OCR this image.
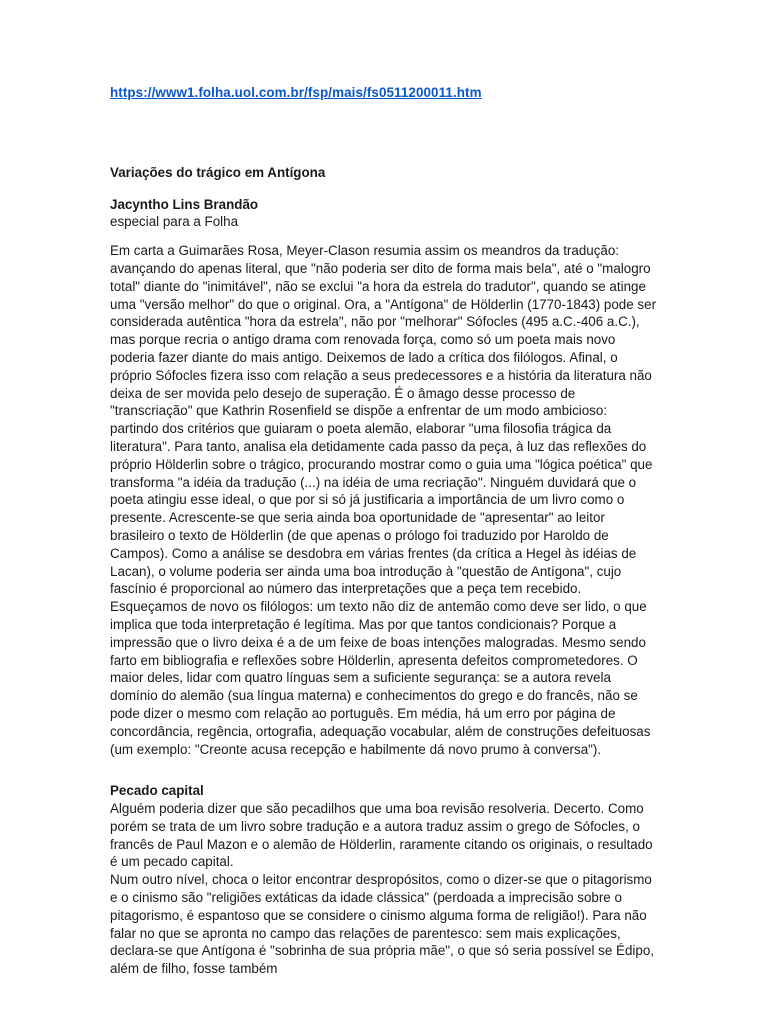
https://www1.folha.uol.com.br/fsp/mais/fs0511200011.htm

Variações do trágico em Antígona

Jacyntho Lins Brandão

especial para a Folha

Em carta a Guimarães Rosa, Meyer-Clason resumia assim os meandros da tradução: avançando do apenas literal, que "não poderia ser dito de forma mais bela", até o "malogro total" diante do "inimitável", não se exclui "a hora da estrela do tradutor", quando se atinge uma "versão melhor" do que o original. Ora, a "Antígona" de Hölderlin (1770-1843) pode ser considerada autêntica "hora da estrela", não por "melhorar" Sófocles (495 a.C.-406 a.C.), mas porque recria o antigo drama com renovada força, como só um poeta mais novo poderia fazer diante do mais antigo. Deixemos de lado a crítica dos filólogos. Afinal, o próprio Sófocles fizera isso com relação a seus predecessores e a história da literatura não deixa de ser movida pelo desejo de superação. É o âmago desse processo de "transcriação" que Kathrin Rosenfield se dispõe a enfrentar de um modo ambicioso: partindo dos critérios que guiaram o poeta alemão, elaborar "uma filosofia trágica da literatura". Para tanto, analisa ela detidamente cada passo da peça, à luz das reflexões do próprio Hölderlin sobre o trágico, procurando mostrar como o guia uma "lógica poética" que transforma "a idéia da tradução (...) na idéia de uma recriação". Ninguém duvidará que o poeta atingiu esse ideal, o que por si só já justificaria a importância de um livro como o presente. Acrescente-se que seria ainda boa oportunidade de "apresentar" ao leitor brasileiro o texto de Hölderlin (de que apenas o prólogo foi traduzido por Haroldo de Campos). Como a análise se desdobra em várias frentes (da crítica a Hegel às idéias de Lacan), o volume poderia ser ainda uma boa introdução à "questão de Antígona", cujo fascínio é proporcional ao número das interpretações que a peça tem recebido. Esqueçamos de novo os filólogos: um texto não diz de antemão como deve ser lido, o que implica que toda interpretação é legítima. Mas por que tantos condicionais? Porque a impressão que o livro deixa é a de um feixe de boas intenções malogradas. Mesmo sendo farto em bibliografia e reflexões sobre Hölderlin, apresenta defeitos comprometedores. O maior deles, lidar com quatro línguas sem a suficiente segurança: se a autora revela domínio do alemão (sua língua materna) e conhecimentos do grego e do francês, não se pode dizer o mesmo com relação ao português. Em média, há um erro por página de concordância, regência, ortografia, adequação vocabular, além de construções defeituosas (um exemplo: "Creonte acusa recepção e habilmente dá novo prumo à conversa").

Pecado capital

Alguém poderia dizer que são pecadilhos que uma boa revisão resolveria. Decerto. Como porém se trata de um livro sobre tradução e a autora traduz assim o grego de Sófocles, o francês de Paul Mazon e o alemão de Hölderlin, raramente citando os originais, o resultado é um pecado capital.

Num outro nível, choca o leitor encontrar despropósitos, como o dizer-se que o pitagorismo e o cinismo são "religiões extáticas da idade clássica" (perdoada a imprecisão sobre o pitagorismo, é espantoso que se considere o cinismo alguma forma de religião!). Para não falar no que se apronta no campo das relações de parentesco: sem mais explicações, declara-se que Antígona é "sobrinha de sua própria mãe", o que só seria possível se Édipo, além de filho, fosse também
